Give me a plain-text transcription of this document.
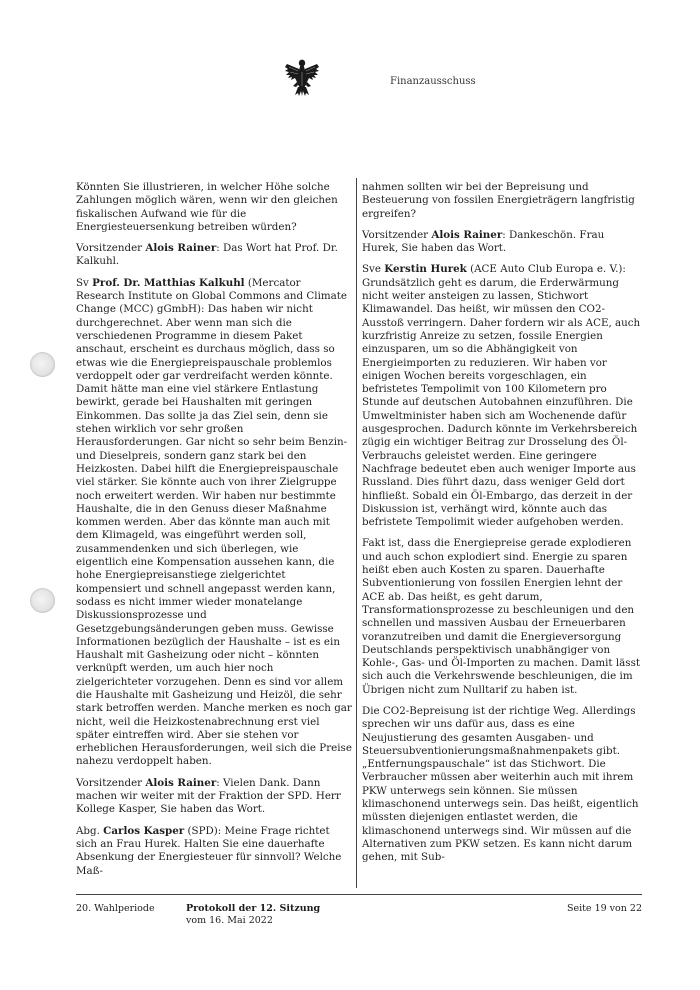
Finanzausschuss

Könnten Sie illustrieren, in welcher Höhe solche Zahlungen möglich wären, wenn wir den gleichen fiskalischen Aufwand wie für die Energiesteuersenkung betreiben würden?

Vorsitzender Alois Rainer: Das Wort hat Prof. Dr. Kalkuhl.

Sv Prof. Dr. Matthias Kalkuhl (Mercator Research Institute on Global Commons and Climate Change (MCC) gGmbH): Das haben wir nicht durchgerechnet. Aber wenn man sich die verschiedenen Programme in diesem Paket anschaut, erscheint es durchaus möglich, dass so etwas wie die Energiepreispauschale problemlos verdoppelt oder gar verdreifacht werden könnte. Damit hätte man eine viel stärkere Entlastung bewirkt, gerade bei Haushalten mit geringen Einkommen. Das sollte ja das Ziel sein, denn sie stehen wirklich vor sehr großen Herausforderungen. Gar nicht so sehr beim Benzin- und Dieselpreis, sondern ganz stark bei den Heizkosten. Dabei hilft die Energiepreispauschale viel stärker. Sie könnte auch von ihrer Zielgruppe noch erweitert werden. Wir haben nur bestimmte Haushalte, die in den Genuss dieser Maßnahme kommen werden. Aber das könnte man auch mit dem Klimageld, was eingeführt werden soll, zusammendenken und sich überlegen, wie eigentlich eine Kompensation aussehen kann, die hohe Energiepreisanstiege zielgerichtet kompensiert und schnell angepasst werden kann, sodass es nicht immer wieder monatelange Diskussionsprozesse und Gesetzgebungsänderungen geben muss. Gewisse Informationen bezüglich der Haushalte – ist es ein Haushalt mit Gasheizung oder nicht – könnten verknüpft werden, um auch hier noch zielgerichteter vorzugehen. Denn es sind vor allem die Haushalte mit Gasheizung und Heizöl, die sehr stark betroffen werden. Manche merken es noch gar nicht, weil die Heizkostenabrechnung erst viel später eintreffen wird. Aber sie stehen vor erheblichen Herausforderungen, weil sich die Preise nahezu verdoppelt haben.

Vorsitzender Alois Rainer: Vielen Dank. Dann machen wir weiter mit der Fraktion der SPD. Herr Kollege Kasper, Sie haben das Wort.

Abg. Carlos Kasper (SPD): Meine Frage richtet sich an Frau Hurek. Halten Sie eine dauerhafte Absenkung der Energiesteuer für sinnvoll? Welche Maß-

nahmen sollten wir bei der Bepreisung und Besteuerung von fossilen Energieträgern langfristig ergreifen?

Vorsitzender Alois Rainer: Dankeschön. Frau Hurek, Sie haben das Wort.

Sve Kerstin Hurek (ACE Auto Club Europa e. V.): Grundsätzlich geht es darum, die Erderwärmung nicht weiter ansteigen zu lassen, Stichwort Klimawandel. Das heißt, wir müssen den CO2-Ausstoß verringern. Daher fordern wir als ACE, auch kurzfristig Anreize zu setzen, fossile Energien einzusparen, um so die Abhängigkeit von Energieimporten zu reduzieren. Wir haben vor einigen Wochen bereits vorgeschlagen, ein befristetes Tempolimit von 100 Kilometern pro Stunde auf deutschen Autobahnen einzuführen. Die Umweltminister haben sich am Wochenende dafür ausgesprochen. Dadurch könnte im Verkehrsbereich zügig ein wichtiger Beitrag zur Drosselung des Öl-Verbrauchs geleistet werden. Eine geringere Nachfrage bedeutet eben auch weniger Importe aus Russland. Dies führt dazu, dass weniger Geld dort hinfließt. Sobald ein Öl-Embargo, das derzeit in der Diskussion ist, verhängt wird, könnte auch das befristete Tempolimit wieder aufgehoben werden.

Fakt ist, dass die Energiepreise gerade explodieren und auch schon explodiert sind. Energie zu sparen heißt eben auch Kosten zu sparen. Dauerhafte Subventionierung von fossilen Energien lehnt der ACE ab. Das heißt, es geht darum, Transformationsprozesse zu beschleunigen und den schnellen und massiven Ausbau der Erneuerbaren voranzutreiben und damit die Energieversorgung Deutschlands perspektivisch unabhängiger von Kohle-, Gas- und Öl-Importen zu machen. Damit lässt sich auch die Verkehrswende beschleunigen, die im Übrigen nicht zum Nulltarif zu haben ist.

Die CO2-Bepreisung ist der richtige Weg. Allerdings sprechen wir uns dafür aus, dass es eine Neujustierung des gesamten Ausgaben- und Steuersubventionierungsmaßnahmenpakets gibt. „Entfernungspauschale“ ist das Stichwort. Die Verbraucher müssen aber weiterhin auch mit ihrem PKW unterwegs sein können. Sie müssen klimaschonend unterwegs sein. Das heißt, eigentlich müssten diejenigen entlastet werden, die klimaschonend unterwegs sind. Wir müssen auf die Alternativen zum PKW setzen. Es kann nicht darum gehen, mit Sub-

20. Wahlperiode	Protokoll der 12. Sitzung
vom 16. Mai 2022
Seite 19 von 22
